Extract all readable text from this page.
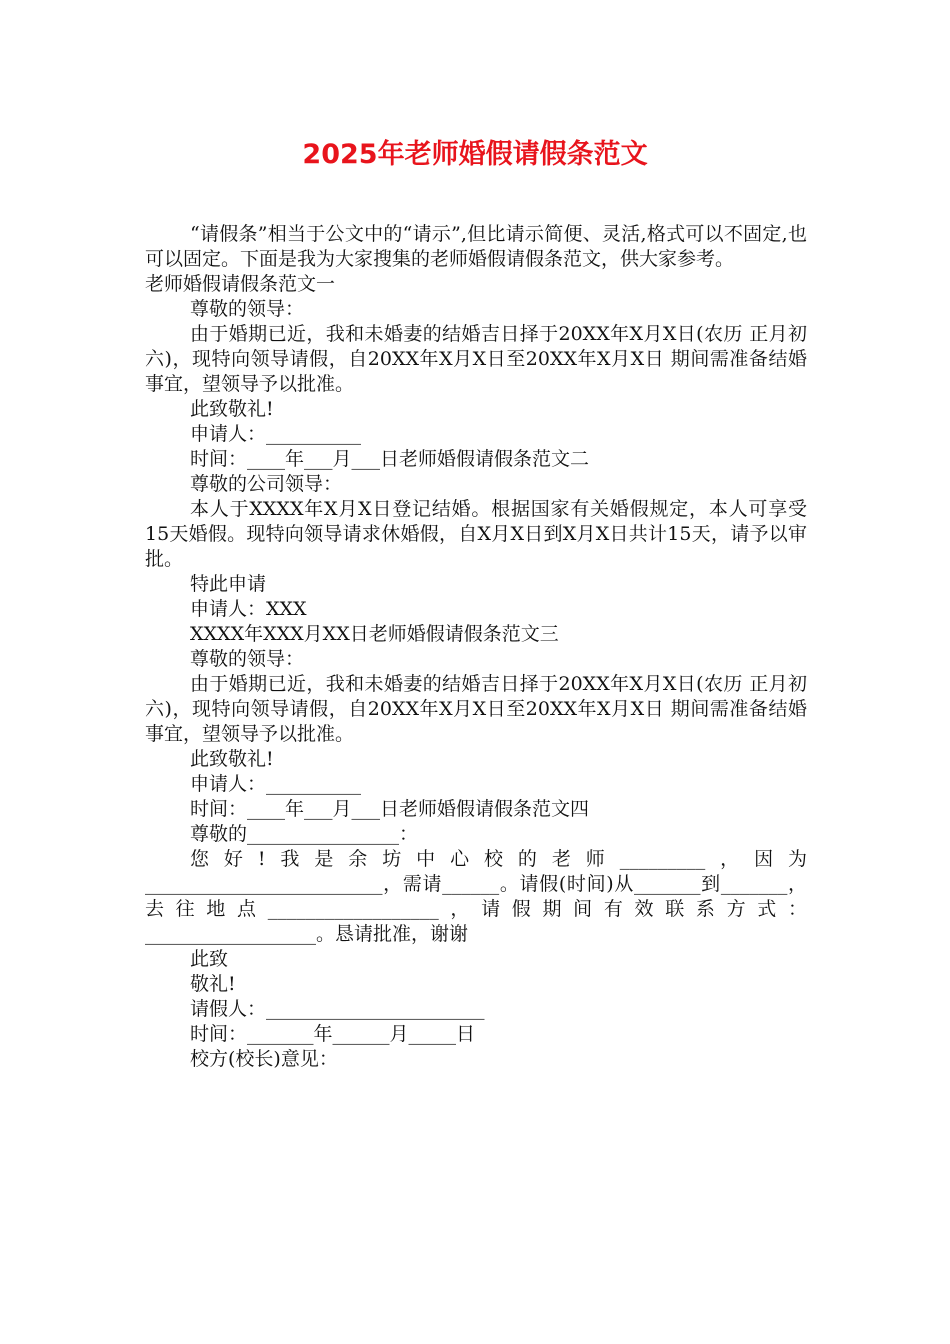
2025年老师婚假请假条范文

“请假条”相当于公文中的“请示”,但比请示简便、灵活,格式可以不固定,也可以固定。下面是我为大家搜集的老师婚假请假条范文，供大家参考。

老师婚假请假条范文一

尊敬的领导：

由于婚期已近，我和未婚妻的结婚吉日择于20XX年X月X日(农历 正月初六)，现特向领导请假，自20XX年X月X日至20XX年X月X日 期间需准备结婚事宜，望领导予以批准。

此致敬礼!

申请人：__________

时间：____年___月___日老师婚假请假条范文二

尊敬的公司领导：

本人于XXXX年X月X日登记结婚。根据国家有关婚假规定，本人可享受15天婚假。现特向领导请求休婚假，自X月X日到X月X日共计15天，请予以审批。

特此申请

申请人：XXX

XXXX年XXX月XX日老师婚假请假条范文三

尊敬的领导：

由于婚期已近，我和未婚妻的结婚吉日择于20XX年X月X日(农历 正月初六)，现特向领导请假，自20XX年X月X日至20XX年X月X日 期间需准备结婚事宜，望领导予以批准。

此致敬礼!

申请人：__________

时间：____年___月___日老师婚假请假条范文四

尊敬的________________：

您好!我是余坊中心校的老师_________，因为_________________________，需请______。请假(时间)从_______到_______，去往地点__________________，请假期间有效联系方式：__________________。恳请批准，谢谢

此致

敬礼!

请假人：_______________________

时间：_______年______月_____日

校方(校长)意见：
